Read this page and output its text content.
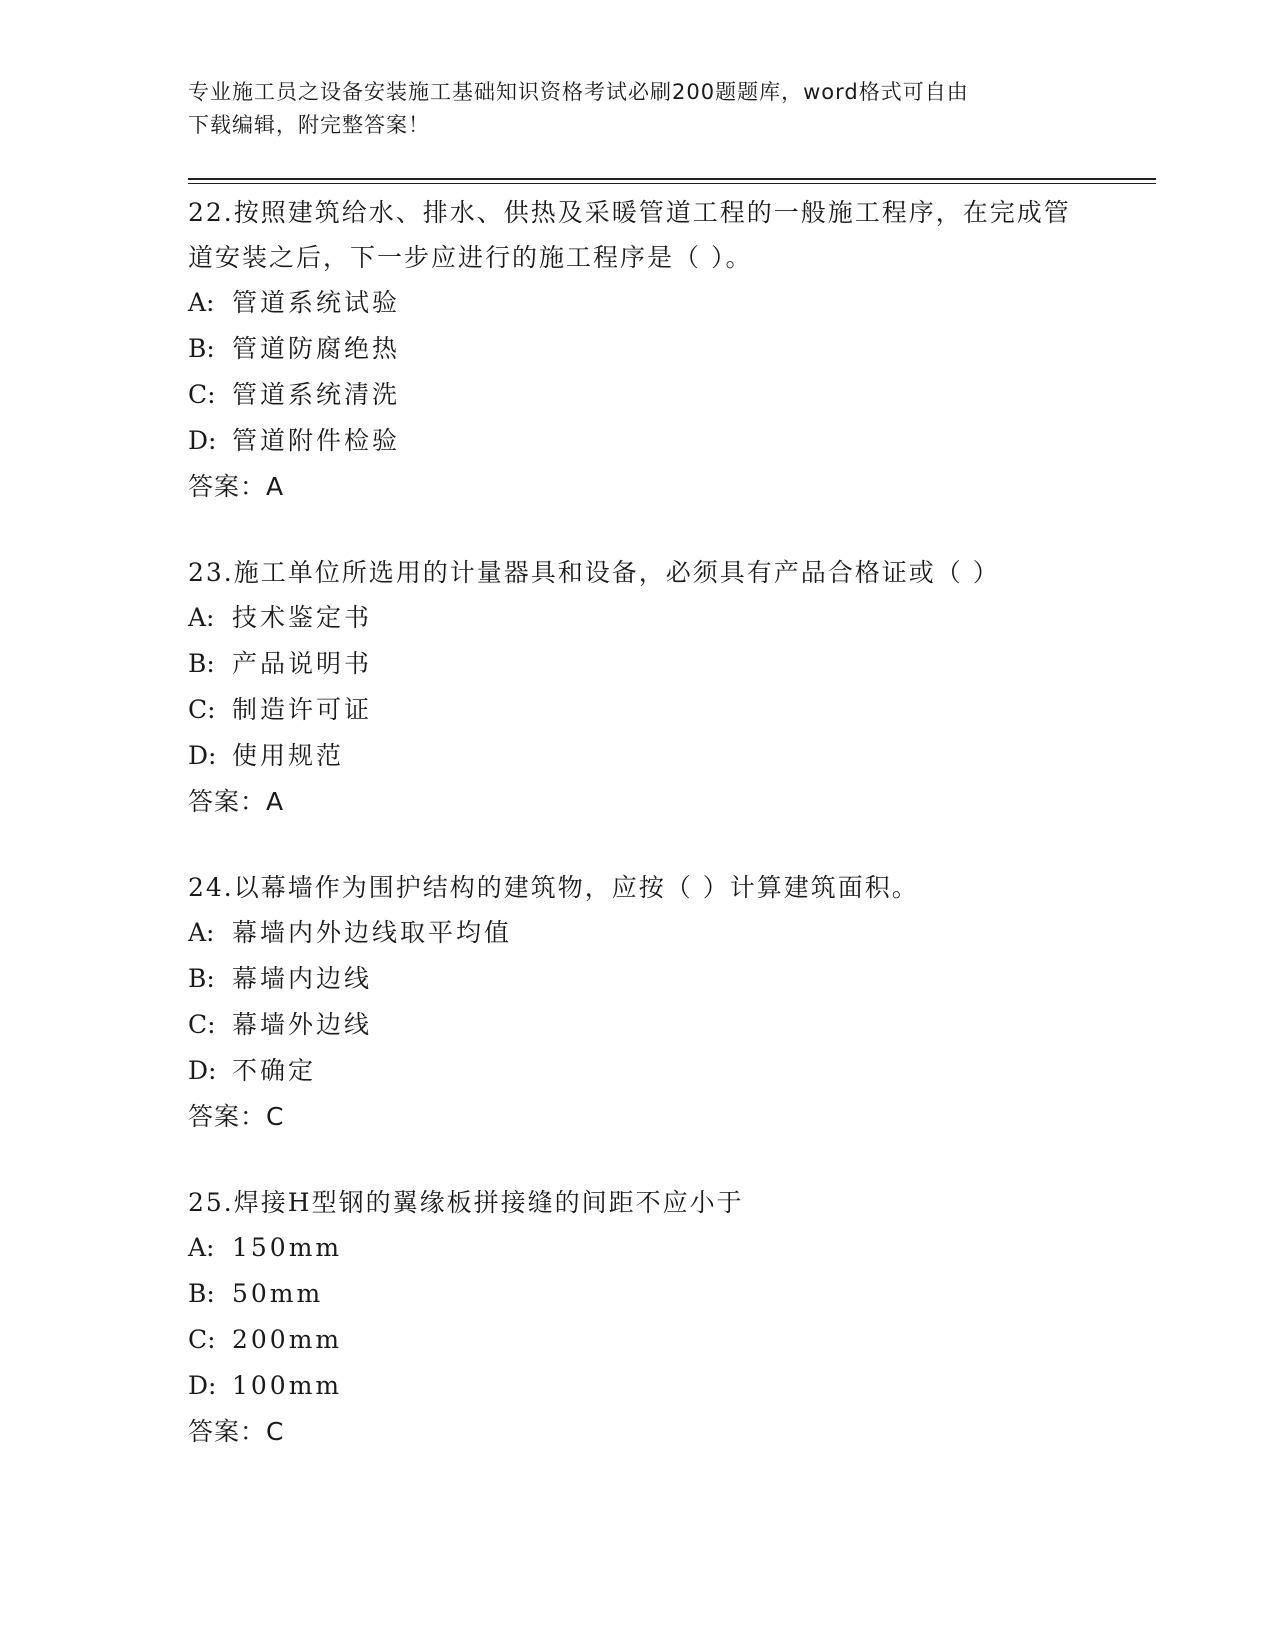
专业施工员之设备安装施工基础知识资格考试必刷200题题库，word格式可自由
下载编辑，附完整答案！
22.按照建筑给水、排水、供热及采暖管道工程的一般施工程序，在完成管道安装之后，下一步应进行的施工程序是（ ）。
A: 管道系统试验
B: 管道防腐绝热
C: 管道系统清洗
D: 管道附件检验
答案：A
23.施工单位所选用的计量器具和设备，必须具有产品合格证或（ ）
A: 技术鉴定书
B: 产品说明书
C: 制造许可证
D: 使用规范
答案：A
24.以幕墙作为围护结构的建筑物，应按（ ）计算建筑面积。
A: 幕墙内外边线取平均值
B: 幕墙内边线
C: 幕墙外边线
D: 不确定
答案：C
25.焊接H型钢的翼缘板拼接缝的间距不应小于
A: 150mm
B: 50mm
C: 200mm
D: 100mm
答案：C
